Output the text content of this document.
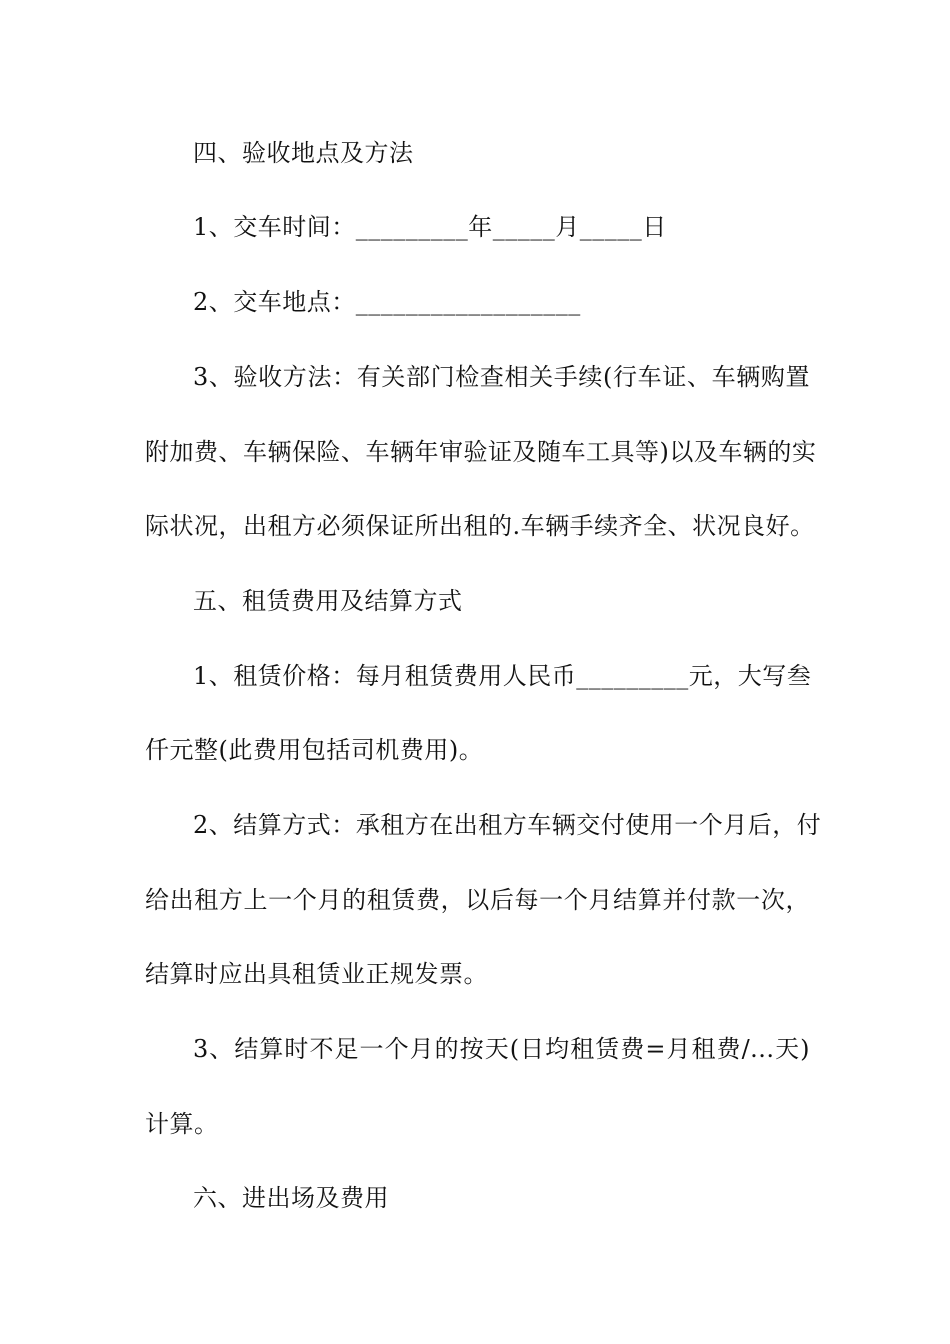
四、验收地点及方法
1、交车时间：_________年_____月_____日
2、交车地点：__________________
3、验收方法：有关部门检查相关手续(行车证、车辆购置
附加费、车辆保险、车辆年审验证及随车工具等)以及车辆的实
际状况，出租方必须保证所出租的.车辆手续齐全、状况良好。
五、租赁费用及结算方式
1、租赁价格：每月租赁费用人民币_________元，大写叁
仟元整(此费用包括司机费用)。
2、结算方式：承租方在出租方车辆交付使用一个月后，付
给出租方上一个月的租赁费，以后每一个月结算并付款一次，
结算时应出具租赁业正规发票。
3、结算时不足一个月的按天(日均租赁费=月租费/...天)
计算。
六、进出场及费用
